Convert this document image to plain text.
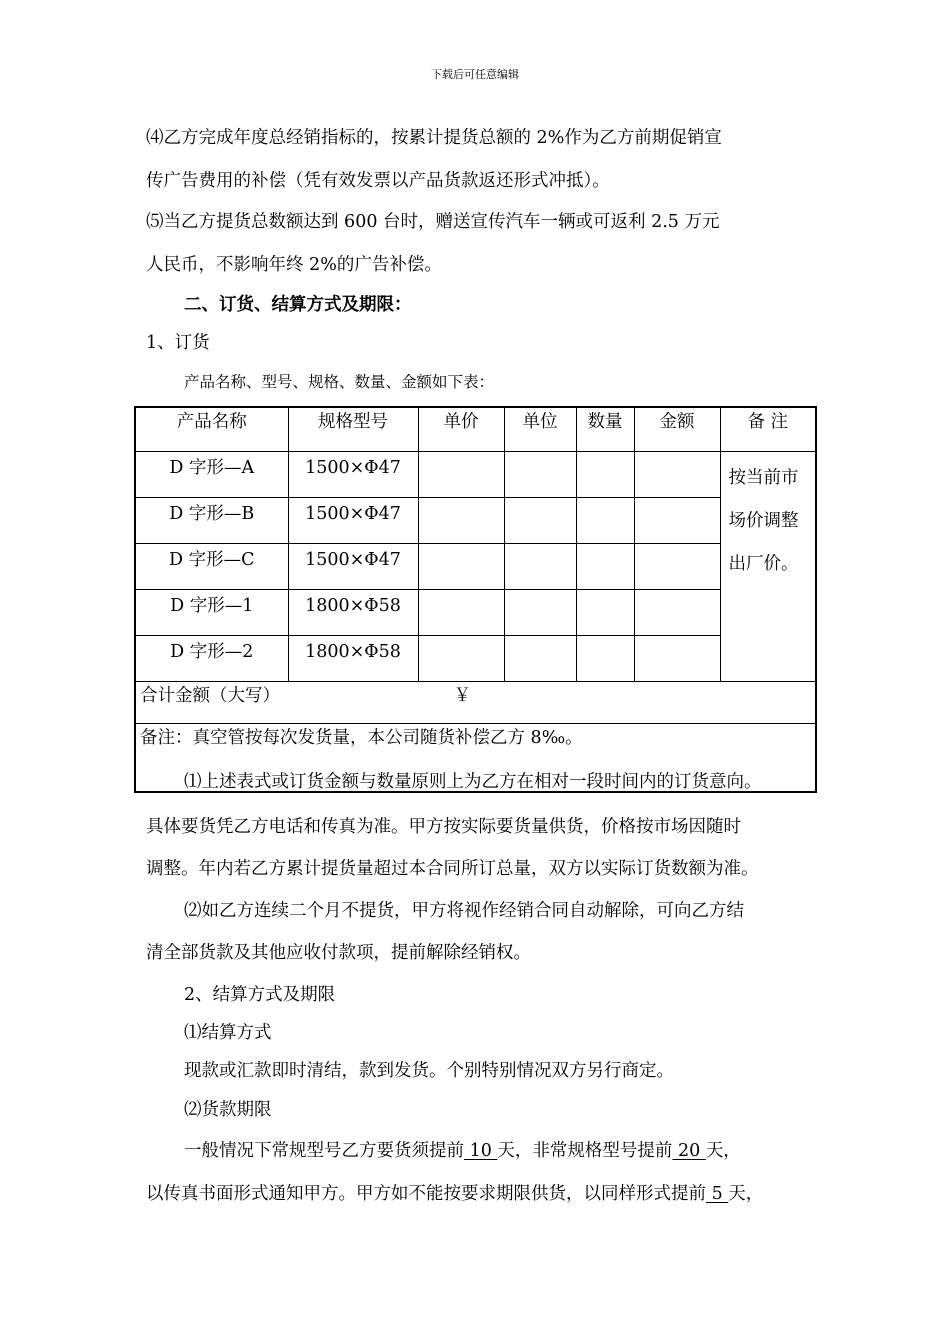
下载后可任意编辑
⑷乙方完成年度总经销指标的，按累计提货总额的 2%作为乙方前期促销宣
传广告费用的补偿（凭有效发票以产品货款返还形式冲抵）。
⑸当乙方提货总数额达到 600 台时，赠送宣传汽车一辆或可返利 2.5 万元
人民币，不影响年终 2%的广告补偿。
二、订货、结算方式及期限：
1、订货
产品名称、型号、规格、数量、金额如下表：
产品名称	规格型号	单价	单位	数量	金额	备 注
D 字形—A	1500×Φ47					按当前市
场价调整
出厂价。

D 字形—B	1500×Φ47					
D 字形—C	1500×Φ47					
D 字形—1	1800×Φ58					
D 字形—2	1800×Φ58					
合计金额（大写） ￥						
备注：真空管按每次发货量，本公司随货补偿乙方 8‰。						
⑴上述表式或订货金额与数量原则上为乙方在相对一段时间内的订货意向。
具体要货凭乙方电话和传真为准。甲方按实际要货量供货，价格按市场因随时
调整。年内若乙方累计提货量超过本合同所订总量，双方以实际订货数额为准。
⑵如乙方连续二个月不提货，甲方将视作经销合同自动解除，可向乙方结
清全部货款及其他应收付款项，提前解除经销权。
2、结算方式及期限
⑴结算方式
现款或汇款即时清结，款到发货。个别特别情况双方另行商定。
⑵货款期限
一般情况下常规型号乙方要货须提前 10 天，非常规格型号提前 20 天，
以传真书面形式通知甲方。甲方如不能按要求期限供货，以同样形式提前 5 天，
